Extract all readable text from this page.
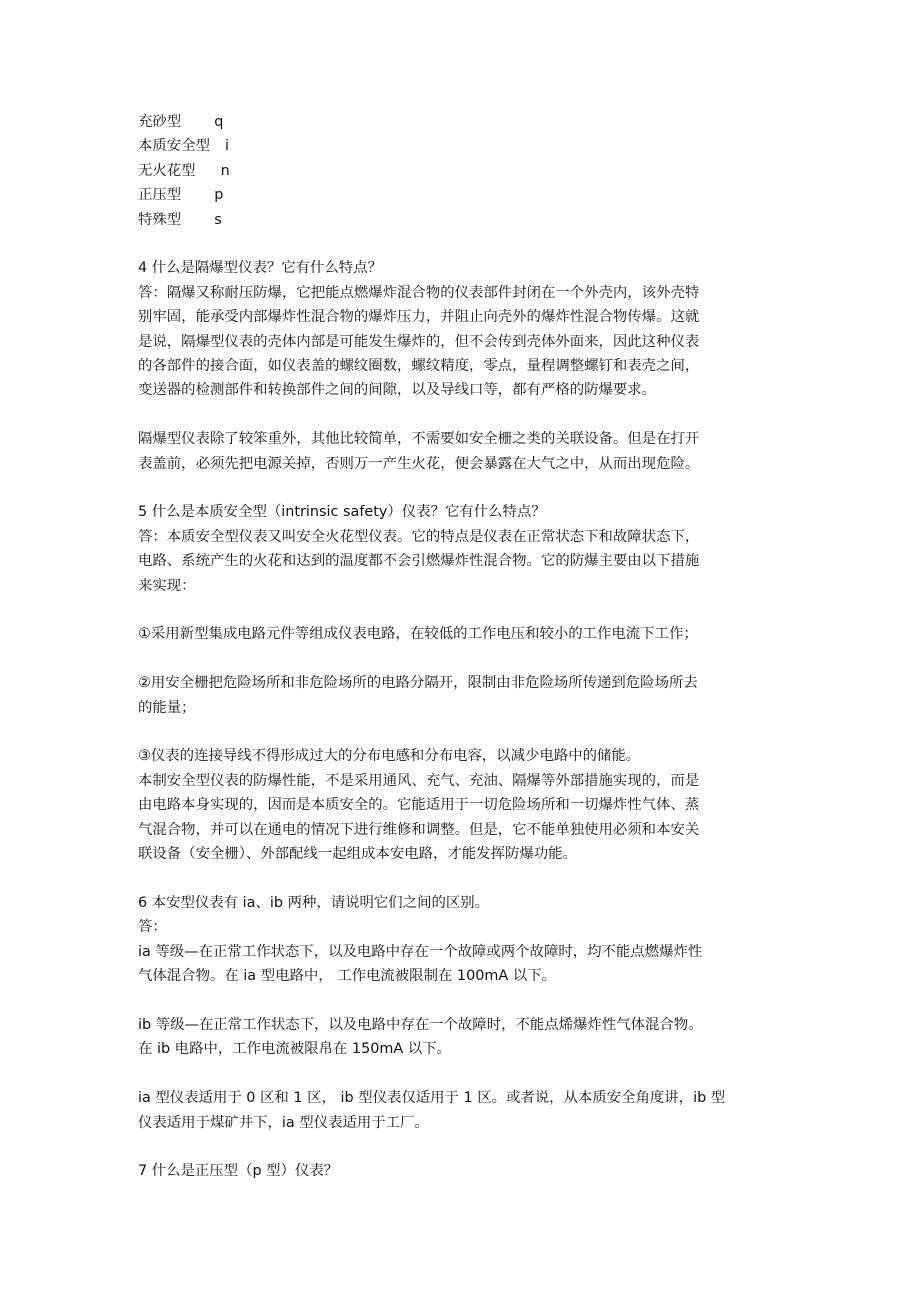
充砂型 q
本质安全型 i
无火花型 n
正压型 p
特殊型 s
4 什么是隔爆型仪表？它有什么特点？
答：隔爆又称耐压防爆，它把能点燃爆炸混合物的仪表部件封闭在一个外壳内，该外壳特
别牢固，能承受内部爆炸性混合物的爆炸压力，并阻止向壳外的爆炸性混合物传爆。这就
是说，隔爆型仪表的壳体内部是可能发生爆炸的，但不会传到壳体外面来，因此这种仪表
的各部件的接合面，如仪表盖的螺纹圈数，螺纹精度，零点，量程调整螺钉和表壳之间，
变送器的检测部件和转换部件之间的间隙，以及导线口等，都有严格的防爆要求。
隔爆型仪表除了较笨重外，其他比较简单，不需要如安全栅之类的关联设备。但是在打开
表盖前，必须先把电源关掉，否则万一产生火花，便会暴露在大气之中，从而出现危险。
5 什么是本质安全型（intrinsic safety）仪表？它有什么特点？
答：本质安全型仪表又叫安全火花型仪表。它的特点是仪表在正常状态下和故障状态下，
电路、系统产生的火花和达到的温度都不会引燃爆炸性混合物。它的防爆主要由以下措施
来实现：
①采用新型集成电路元件等组成仪表电路，在较低的工作电压和较小的工作电流下工作；
②用安全栅把危险场所和非危险场所的电路分隔开，限制由非危险场所传递到危险场所去
的能量；
③仪表的连接导线不得形成过大的分布电感和分布电容，以减少电路中的储能。
本制安全型仪表的防爆性能，不是采用通风、充气、充油、隔爆等外部措施实现的，而是
由电路本身实现的，因而是本质安全的。它能适用于一切危险场所和一切爆炸性气体、蒸
气混合物，并可以在通电的情况下进行维修和调整。但是，它不能单独使用必须和本安关
联设备（安全栅）、外部配线一起组成本安电路，才能发挥防爆功能。
6 本安型仪表有 ia、ib 两种，请说明它们之间的区别。
答：
ia 等级—在正常工作状态下，以及电路中存在一个故障或两个故障时，均不能点燃爆炸性
气体混合物。在 ia 型电路中， 工作电流被限制在 100mA 以下。
ib 等级—在正常工作状态下，以及电路中存在一个故障时，不能点烯爆炸性气体混合物。
在 ib 电路中，工作电流被限帛在 150mA 以下。
ia 型仪表适用于 0 区和 1 区， ib 型仪表仅适用于 1 区。或者说，从本质安全角度讲，ib 型
仪表适用于煤矿井下，ia 型仪表适用于工厂。
7 什么是正压型（p 型）仪表？
